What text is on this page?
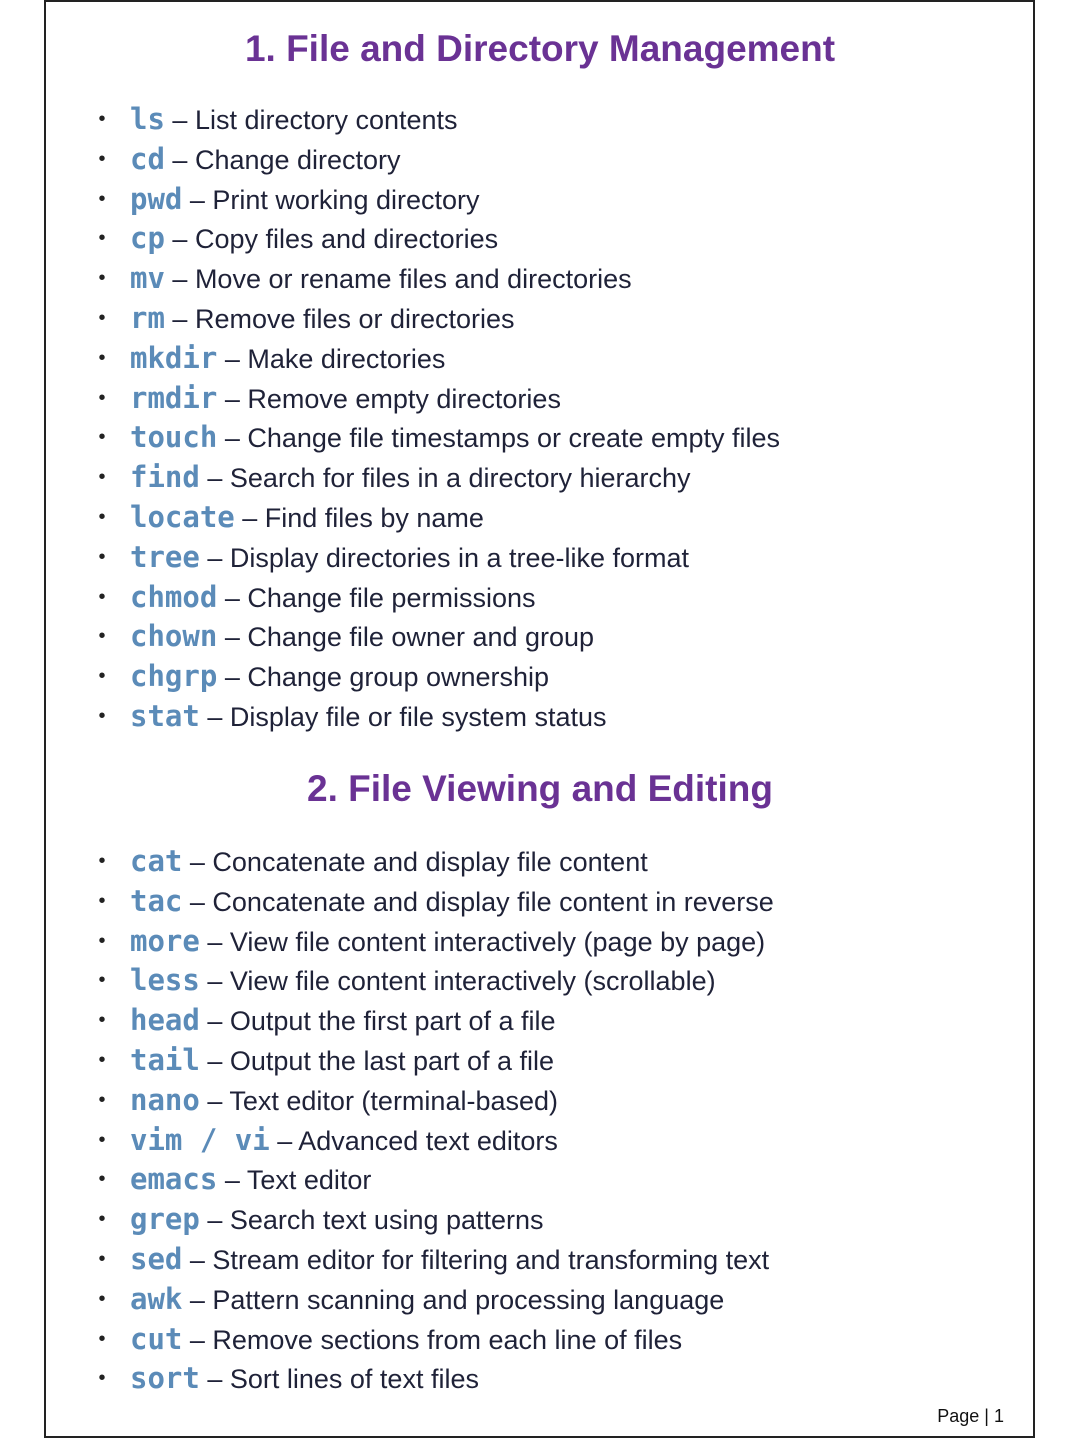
1. File and Directory Management
• ls – List directory contents
• cd – Change directory
• pwd – Print working directory
• cp – Copy files and directories
• mv – Move or rename files and directories
• rm – Remove files or directories
• mkdir – Make directories
• rmdir – Remove empty directories
• touch – Change file timestamps or create empty files
• find – Search for files in a directory hierarchy
• locate – Find files by name
• tree – Display directories in a tree-like format
• chmod – Change file permissions
• chown – Change file owner and group
• chgrp – Change group ownership
• stat – Display file or file system status
2. File Viewing and Editing
• cat – Concatenate and display file content
• tac – Concatenate and display file content in reverse
• more – View file content interactively (page by page)
• less – View file content interactively (scrollable)
• head – Output the first part of a file
• tail – Output the last part of a file
• nano – Text editor (terminal-based)
• vim / vi – Advanced text editors
• emacs – Text editor
• grep – Search text using patterns
• sed – Stream editor for filtering and transforming text
• awk – Pattern scanning and processing language
• cut – Remove sections from each line of files
• sort – Sort lines of text files
Page | 1
